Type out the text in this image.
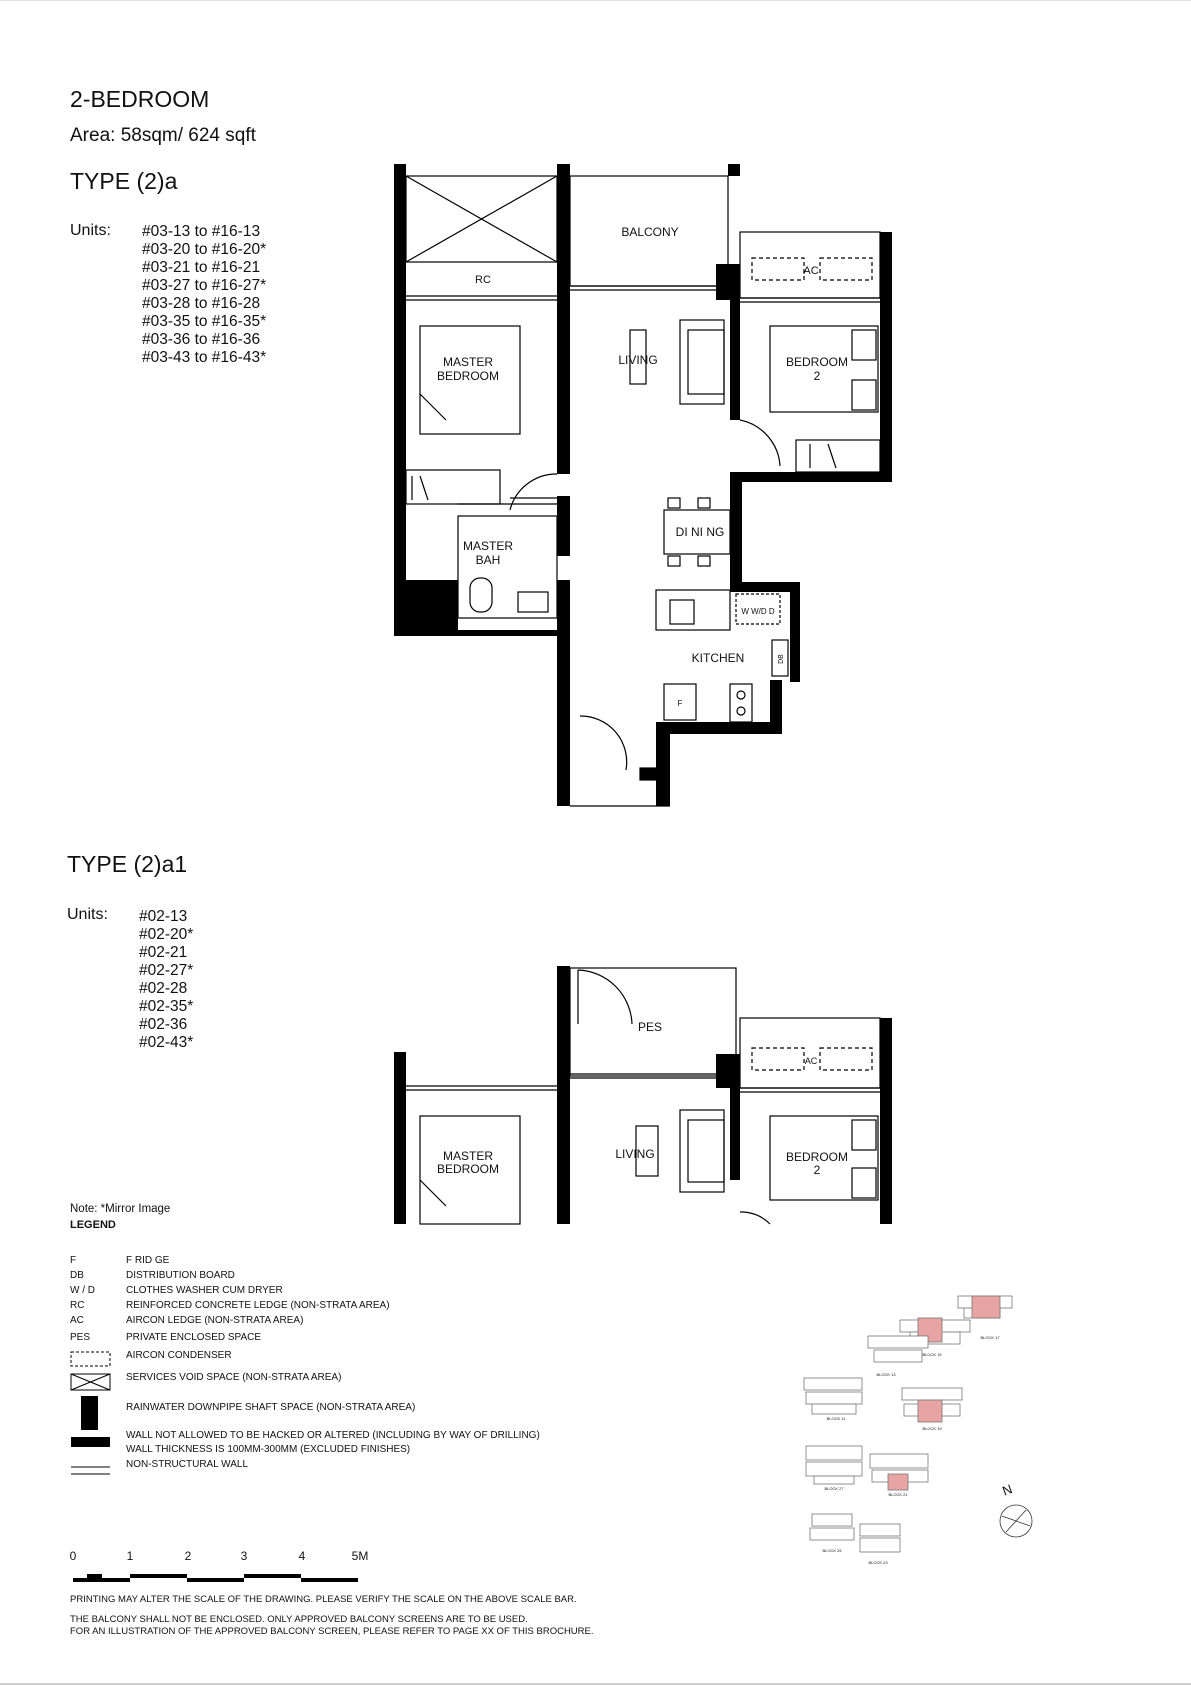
2-BEDROOM
Area: 58sqm/ 624 sqft
TYPE (2)a
Units: #03-13 to #16-13
#03-20 to #16-20*
#03-21 to #16-21
#03-27 to #16-27*
#03-28 to #16-28
#03-35 to #16-35*
#03-36 to #16-36
#03-43 to #16-43*
TYPE (2)a1
Units: #02-13
#02-20*
#02-21
#02-27*
#02-28
#02-35*
#02-36
#02-43*
BALCONY
RC
AC
MASTER
BEDROOM
LIVING	BEDROOM
2
DI NI NG
MASTER
BAH
KITCHEN
W W/D D
DB
F
PES
AC
MASTER
BEDROOM
LIVING	BEDROOM
2
0	1	2	3	4	5M
BLOCK 17
BLOCK 15
BLOCK 13
BLOCK 11
BLOCK 19
BLOCK 27
BLOCK 21
BLOCK 25
BLOCK 23
N
Note: *Mirror Image
LEGEND
F	F RID GE
DB	DISTRIBUTION BOARD
W / D	CLOTHES WASHER CUM DRYER
RC	REINFORCED CONCRETE LEDGE (NON-STRATA AREA)
AC	AIRCON LEDGE (NON-STRATA AREA)
PES	PRIVATE ENCLOSED SPACE
AIRCON CONDENSER
SERVICES VOID SPACE (NON-STRATA AREA)
RAINWATER DOWNPIPE SHAFT SPACE (NON-STRATA AREA)
WALL NOT ALLOWED TO BE HACKED OR ALTERED (INCLUDING BY WAY OF DRILLING)
WALL THICKNESS IS 100MM-300MM (EXCLUDED FINISHES)
NON-STRUCTURAL WALL
PRINTING MAY ALTER THE SCALE OF THE DRAWING. PLEASE VERIFY THE SCALE ON THE ABOVE SCALE BAR.
THE BALCONY SHALL NOT BE ENCLOSED. ONLY APPROVED BALCONY SCREENS ARE TO BE USED.
FOR AN ILLUSTRATION OF THE APPROVED BALCONY SCREEN, PLEASE REFER TO PAGE XX OF THIS BROCHURE.
